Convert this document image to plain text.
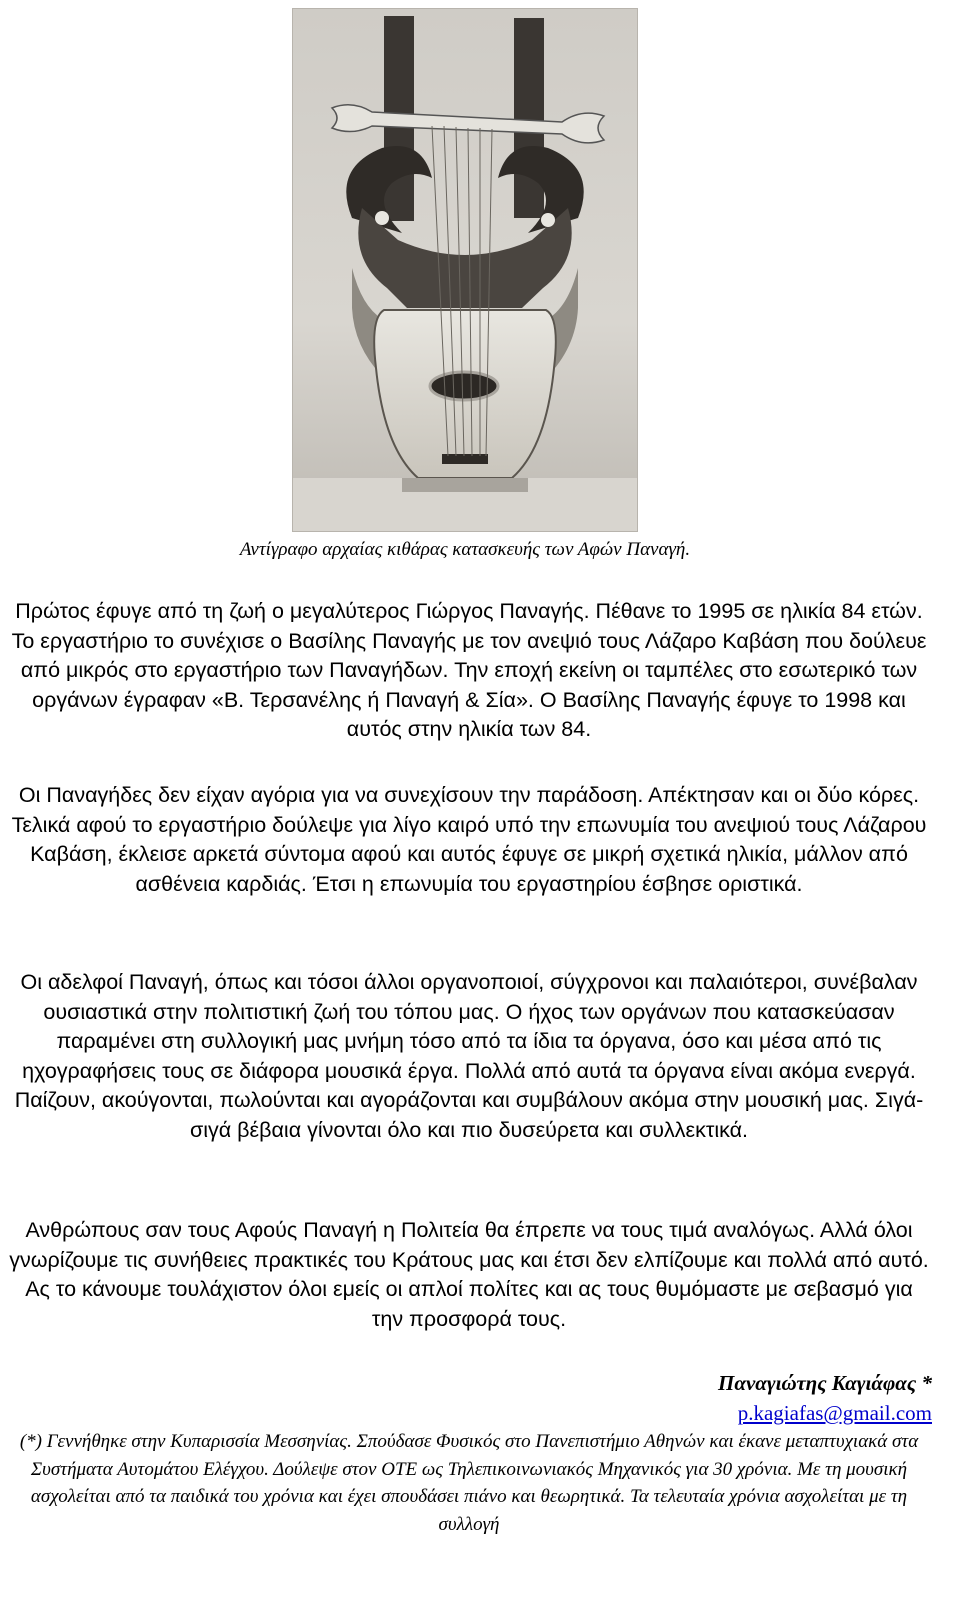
Αντίγραφο αρχαίας κιθάρας κατασκευής των Αφών Παναγή.

Πρώτος έφυγε από τη ζωή ο μεγαλύτερος Γιώργος Παναγής. Πέθανε το 1995 σε ηλικία 84 ετών. Το εργαστήριο το συνέχισε ο Βασίλης Παναγής με τον ανεψιό τους Λάζαρο Καβάση που δούλευε από μικρός στο εργαστήριο των Παναγήδων. Την εποχή εκείνη οι ταμπέλες στο εσωτερικό των οργάνων έγραφαν «Β. Τερσανέλης ή Παναγή & Σία». Ο Βασίλης Παναγής έφυγε το 1998 και αυτός στην ηλικία των 84.

Οι Παναγήδες δεν είχαν αγόρια για να συνεχίσουν την παράδοση. Απέκτησαν και οι δύο κόρες. Τελικά αφού το εργαστήριο δούλεψε για λίγο καιρό υπό την επωνυμία του ανεψιού τους Λάζαρου Καβάση, έκλεισε αρκετά σύντομα αφού και αυτός έφυγε σε μικρή σχετικά ηλικία, μάλλον από ασθένεια καρδιάς. Έτσι η επωνυμία του εργαστηρίου έσβησε οριστικά.

Οι αδελφοί Παναγή, όπως και τόσοι άλλοι οργανοποιοί, σύγχρονοι και παλαιότεροι, συνέβαλαν ουσιαστικά στην πολιτιστική ζωή του τόπου μας. Ο ήχος των οργάνων που κατασκεύασαν παραμένει στη συλλογική μας μνήμη τόσο από τα ίδια τα όργανα, όσο και μέσα από τις ηχογραφήσεις τους σε διάφορα μουσικά έργα. Πολλά από αυτά τα όργανα είναι ακόμα ενεργά. Παίζουν, ακούγονται, πωλούνται και αγοράζονται και συμβάλουν ακόμα στην μουσική μας. Σιγά-σιγά βέβαια γίνονται όλο και πιο δυσεύρετα και συλλεκτικά.

Ανθρώπους σαν τους Αφούς Παναγή η Πολιτεία θα έπρεπε να τους τιμά αναλόγως. Αλλά όλοι γνωρίζουμε τις συνήθειες πρακτικές του Κράτους μας και έτσι δεν ελπίζουμε και πολλά από αυτό. Ας το κάνουμε τουλάχιστον όλοι εμείς οι απλοί πολίτες και ας τους θυμόμαστε με σεβασμό για την προσφορά τους.

Παναγιώτης Καγιάφας *
p.kagiafas@gmail.com

(*) Γεννήθηκε στην Κυπαρισσία Μεσσηνίας. Σπούδασε Φυσικός στο Πανεπιστήμιο Αθηνών και έκανε μεταπτυχιακά στα Συστήματα Αυτομάτου Ελέγχου. Δούλεψε στον ΟΤΕ ως Τηλεπικοινωνιακός Μηχανικός για 30 χρόνια. Με τη μουσική ασχολείται από τα παιδικά του χρόνια και έχει σπουδάσει πιάνο και θεωρητικά. Τα τελευταία χρόνια ασχολείται με τη συλλογή
